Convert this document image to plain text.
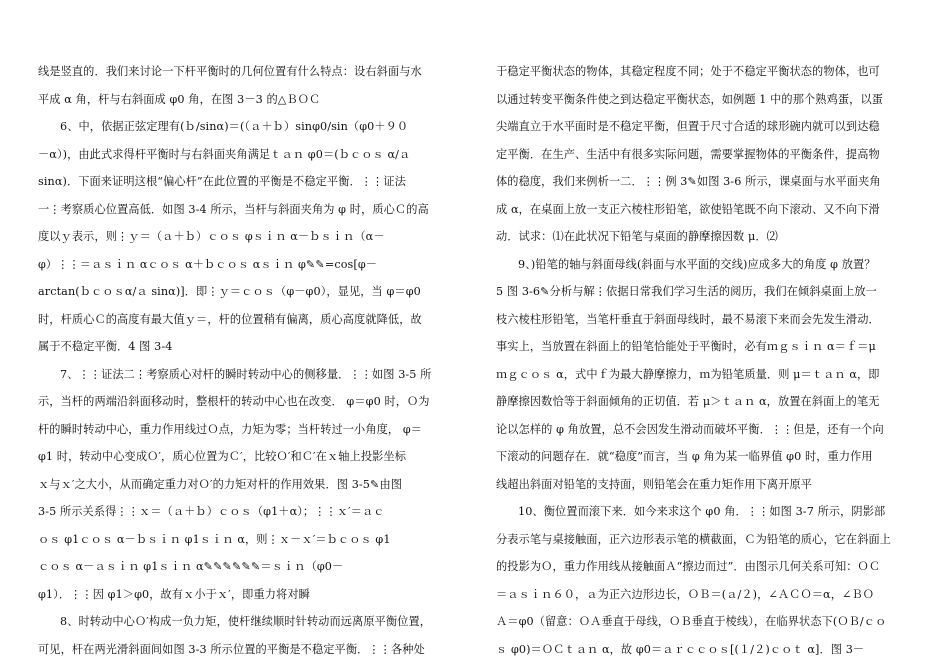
线是竖直的．我们来讨论一下杆平衡时的几何位置有什么特点：设右斜面与水
平成 α 角，杆与右斜面成 φ0 角，在图 3－3 的△ＢＯＣ
6、中，依据正弦定理有(ｂ/sinα)＝(（ａ＋ｂ）sinφ0/sin（φ0＋９０
－α）)，由此式求得杆平衡时与右斜面夹角满足ｔａｎ φ0＝(ｂｃｏｓ α/ａ
sinα)．下面来证明这根“偏心杆”在此位置的平衡是不稳定平衡．⋮⋮证法
一⋮考察质心位置高低．如图 3-4 所示，当杆与斜面夹角为 φ 时，质心Ｃ的高
度以ｙ表示，则⋮ｙ＝（ａ＋ｂ）ｃｏｓ φｓｉｎ α－ｂｓｉｎ（α－
φ）⋮⋮＝ａｓｉｎ αｃｏｓ α＋ｂｃｏｓ αｓｉｎ φ✎✎=cos[φ－
arctan(ｂｃｏｓα/ａ sinα)]．即⋮ｙ＝ｃｏｓ（φ－φ0），显见，当 φ＝φ0
时，杆质心Ｃ的高度有最大值ｙ＝，杆的位置稍有偏离，质心高度就降低，故
属于不稳定平衡．4 图 3-4
7、⋮⋮证法二⋮考察质心对杆的瞬时转动中心的侧移量．⋮⋮如图 3-5 所
示，当杆的两端沿斜面移动时，整根杆的转动中心也在改变． φ＝φ0 时，Ｏ为
杆的瞬时转动中心，重力作用线过Ｏ点，力矩为零；当杆转过一小角度， φ＝
φ1 时，转动中心变成Ｏ′，质心位置为Ｃ′，比较Ｏ′和Ｃ′在ｘ轴上投影坐标
ｘ与ｘ′之大小，从而确定重力对Ｏ′的力矩对杆的作用效果．图 3-5✎由图
3-5 所示关系得⋮⋮ｘ＝（ａ＋ｂ）ｃｏｓ（φ1＋α）；⋮⋮ｘ′＝ａｃ
ｏｓ φ1ｃｏｓ α－ｂｓｉｎ φ1ｓｉｎ α，则⋮ｘ－ｘ′＝ｂｃｏｓ φ1
ｃｏｓ α－ａｓｉｎ φ1ｓｉｎ α✎✎✎✎✎✎＝ｓｉｎ（φ0－
φ1）．⋮⋮因 φ1＞φ0，故有ｘ小于ｘ′，即重力将对瞬
8、时转动中心Ｏ′构成一负力矩，使杆继续顺时针转动而远离原平衡位置，
可见，杆在两光滑斜面间如图 3-3 所示位置的平衡是不稳定平衡．⋮⋮各种处
于稳定平衡状态的物体，其稳定程度不同；处于不稳定平衡状态的物体，也可
以通过转变平衡条件使之到达稳定平衡状态，如例题 1 中的那个熟鸡蛋，以蛋
尖端直立于水平面时是不稳定平衡，但置于尺寸合适的球形碗内就可以到达稳
定平衡．在生产、生活中有很多实际问题，需要掌握物体的平衡条件，提高物
体的稳度，我们来例析一二．⋮⋮例 3✎如图 3-6 所示，课桌面与水平面夹角
成 α，在桌面上放一支正六棱柱形铅笔，欲使铅笔既不向下滚动、又不向下滑
动．试求：⑴在此状况下铅笔与桌面的静摩擦因数 μ．⑵
9、)铅笔的轴与斜面母线(斜面与水平面的交线)应成多大的角度 φ 放置？
5 图 3-6✎分析与解⋮依据日常我们学习生活的阅历，我们在倾斜桌面上放一
枝六棱柱形铅笔，当笔杆垂直于斜面母线时，最不易滚下来而会先发生滑动．
事实上，当放置在斜面上的铅笔恰能处于平衡时，必有ｍｇｓｉｎ α＝ｆ＝μ
ｍｇｃｏｓ α，式中ｆ为最大静摩擦力，ｍ为铅笔质量．则 μ＝ｔａｎ α，即
静摩擦因数恰等于斜面倾角的正切值．若 μ＞ｔａｎ α，放置在斜面上的笔无
论以怎样的 φ 角放置，总不会因发生滑动而破坏平衡．⋮⋮但是，还有一个向
下滚动的问题存在．就“稳度”而言，当 φ 角为某一临界值 φ0 时，重力作用
线超出斜面对铅笔的支持面，则铅笔会在重力矩作用下离开原平
10、衡位置而滚下来．如今来求这个 φ0 角．⋮⋮如图 3-7 所示，阴影部
分表示笔与桌接触面，正六边形表示笔的横截面，Ｃ为铅笔的质心，它在斜面上
的投影为Ｏ，重力作用线从接触面Ａ“擦边而过”．由图示几何关系可知：ＯＣ
＝ａｓｉｎ６０，ａ为正六边形边长，ＯＢ＝(ａ/２)，∠ＡＣＯ＝α，∠ＢＯ
Ａ＝φ0（留意：ＯＡ垂直于母线，ＯＢ垂直于棱线），在临界状态下(ＯＢ/ｃｏ
ｓ φ0)＝ＯＣｔａｎ α，故 φ0＝ａｒｃｃｏｓ[(１/２)ｃｏｔ α]．图 3－
